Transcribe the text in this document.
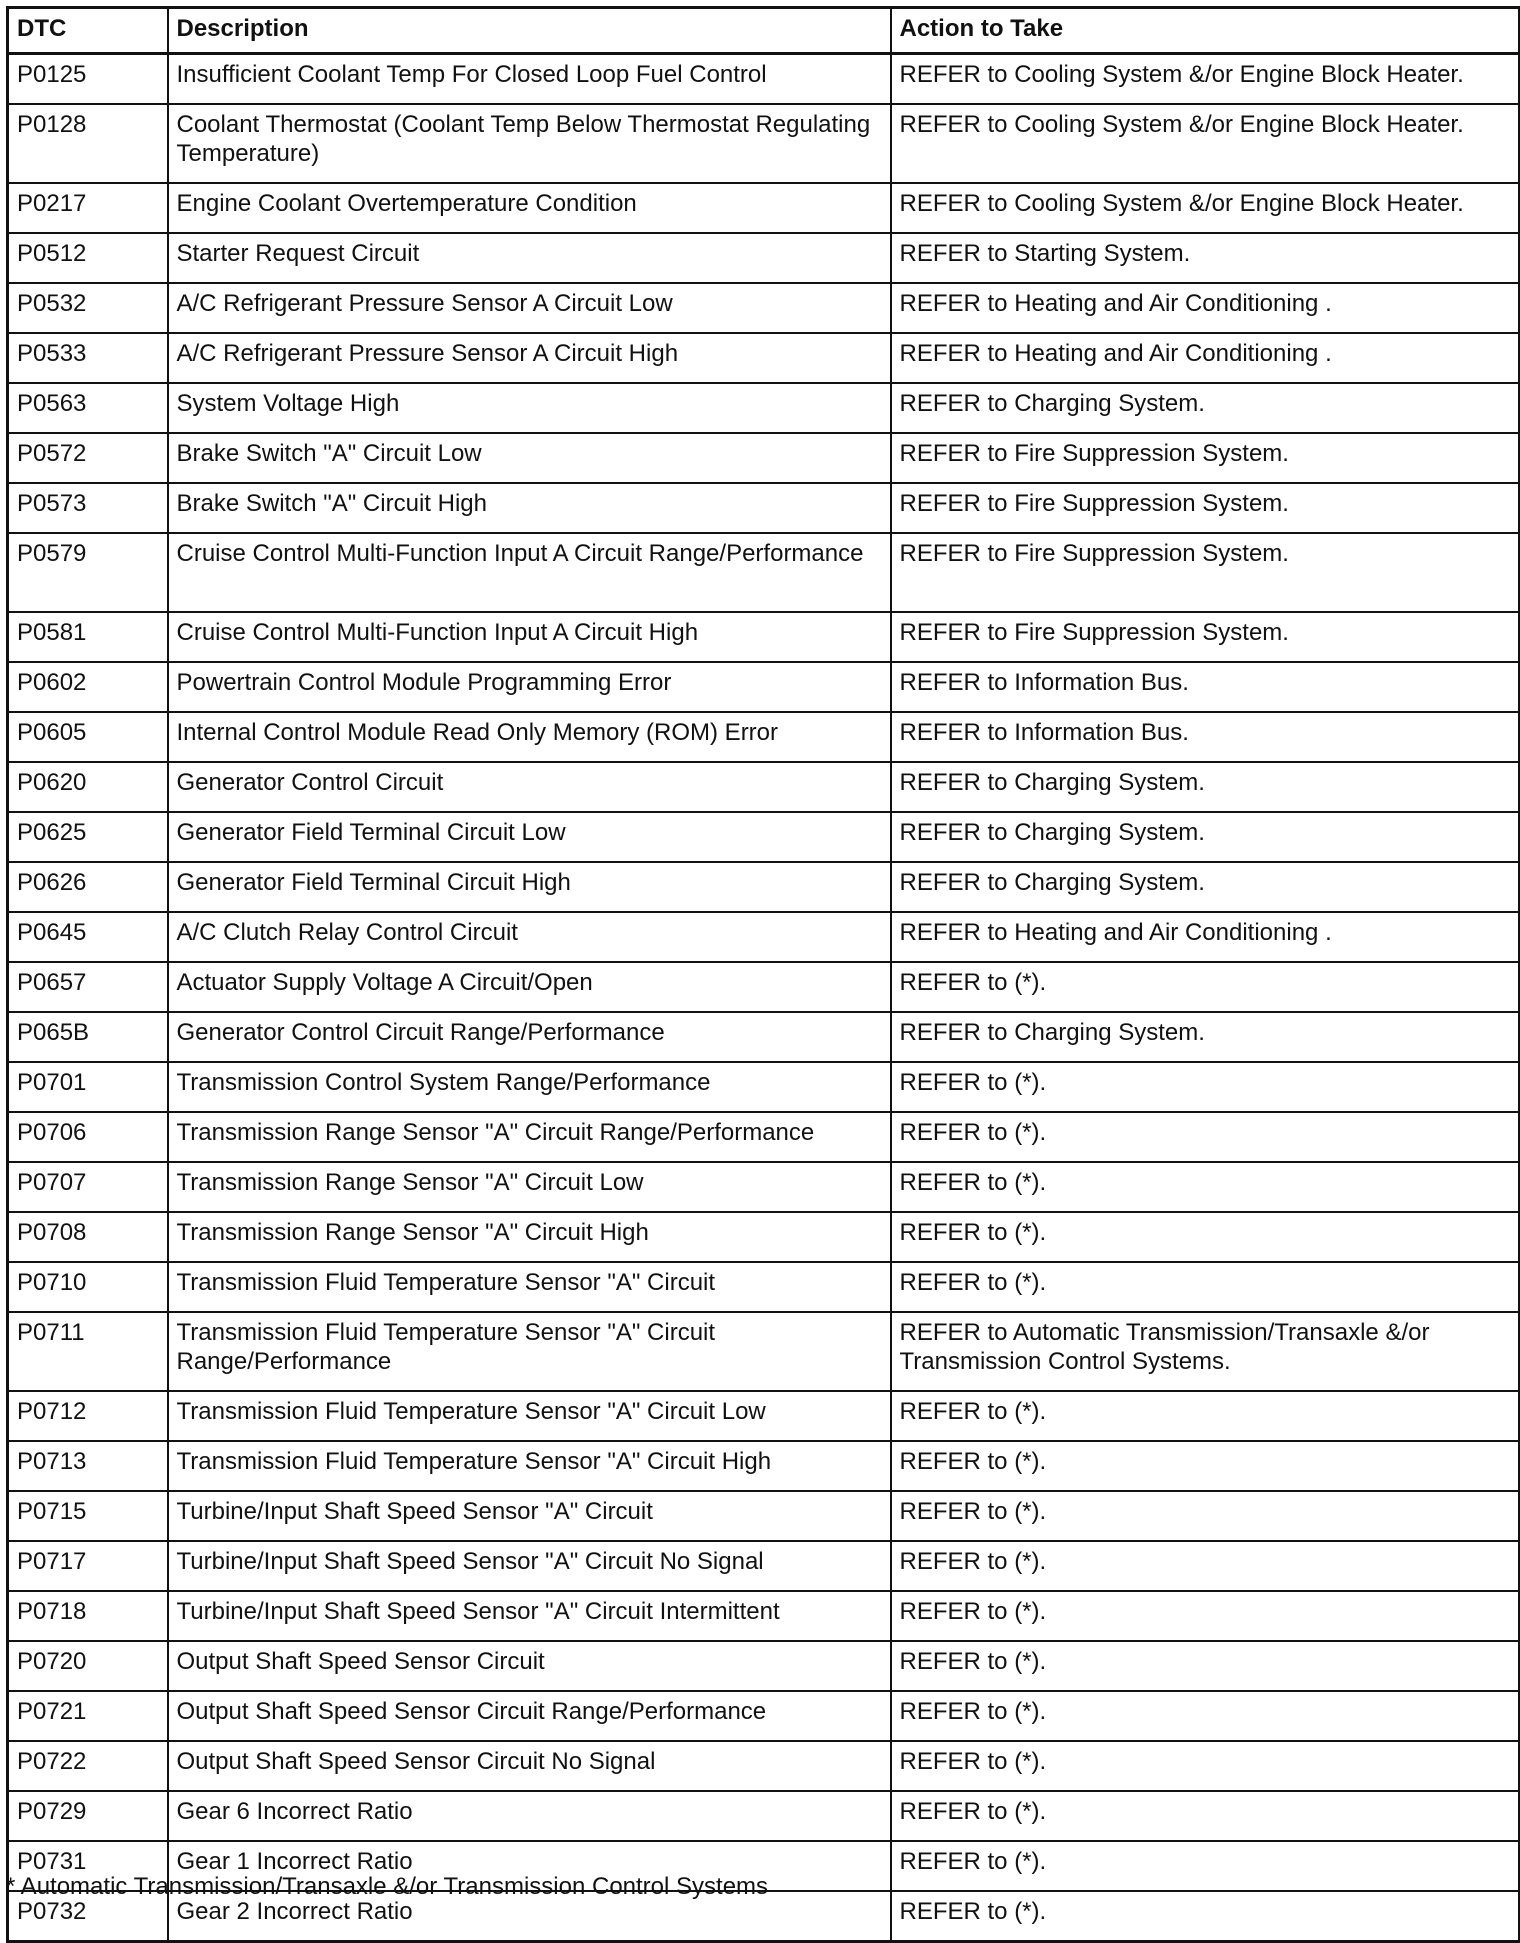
DTC	Description	Action to Take
P0125	Insufficient Coolant Temp For Closed Loop Fuel Control	REFER to Cooling System &/or Engine Block Heater.
P0128	Coolant Thermostat (Coolant Temp Below Thermostat Regulating Temperature)	REFER to Cooling System &/or Engine Block Heater.
P0217	Engine Coolant Overtemperature Condition	REFER to Cooling System &/or Engine Block Heater.
P0512	Starter Request Circuit	REFER to Starting System.
P0532	A/C Refrigerant Pressure Sensor A Circuit Low	REFER to Heating and Air Conditioning .
P0533	A/C Refrigerant Pressure Sensor A Circuit High	REFER to Heating and Air Conditioning .
P0563	System Voltage High	REFER to Charging System.
P0572	Brake Switch "A" Circuit Low	REFER to Fire Suppression System.
P0573	Brake Switch "A" Circuit High	REFER to Fire Suppression System.
P0579	Cruise Control Multi-Function Input A Circuit Range/Performance	REFER to Fire Suppression System.
P0581	Cruise Control Multi-Function Input A Circuit High	REFER to Fire Suppression System.
P0602	Powertrain Control Module Programming Error	REFER to Information Bus.
P0605	Internal Control Module Read Only Memory (ROM) Error	REFER to Information Bus.
P0620	Generator Control Circuit	REFER to Charging System.
P0625	Generator Field Terminal Circuit Low	REFER to Charging System.
P0626	Generator Field Terminal Circuit High	REFER to Charging System.
P0645	A/C Clutch Relay Control Circuit	REFER to Heating and Air Conditioning .
P0657	Actuator Supply Voltage A Circuit/Open	REFER to (*).
P065B	Generator Control Circuit Range/Performance	REFER to Charging System.
P0701	Transmission Control System Range/Performance	REFER to (*).
P0706	Transmission Range Sensor "A" Circuit Range/Performance	REFER to (*).
P0707	Transmission Range Sensor "A" Circuit Low	REFER to (*).
P0708	Transmission Range Sensor "A" Circuit High	REFER to (*).
P0710	Transmission Fluid Temperature Sensor "A" Circuit	REFER to (*).
P0711	Transmission Fluid Temperature Sensor "A" Circuit Range/Performance	REFER to Automatic Transmission/Transaxle &/or Transmission Control Systems.
P0712	Transmission Fluid Temperature Sensor "A" Circuit Low	REFER to (*).
P0713	Transmission Fluid Temperature Sensor "A" Circuit High	REFER to (*).
P0715	Turbine/Input Shaft Speed Sensor "A" Circuit	REFER to (*).
P0717	Turbine/Input Shaft Speed Sensor "A" Circuit No Signal	REFER to (*).
P0718	Turbine/Input Shaft Speed Sensor "A" Circuit Intermittent	REFER to (*).
P0720	Output Shaft Speed Sensor Circuit	REFER to (*).
P0721	Output Shaft Speed Sensor Circuit Range/Performance	REFER to (*).
P0722	Output Shaft Speed Sensor Circuit No Signal	REFER to (*).
P0729	Gear 6 Incorrect Ratio	REFER to (*).
P0731	Gear 1 Incorrect Ratio	REFER to (*).
P0732	Gear 2 Incorrect Ratio	REFER to (*).
* Automatic Transmission/Transaxle &/or Transmission Control Systems
